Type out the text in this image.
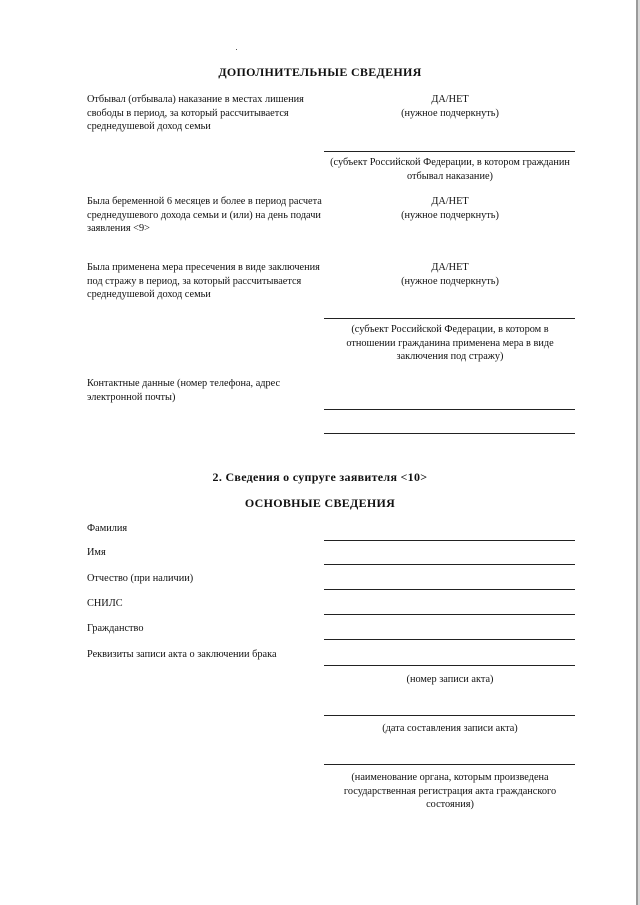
ДОПОЛНИТЕЛЬНЫЕ СВЕДЕНИЯ
Отбывал (отбывала) наказание в местах лишения свободы в период, за который рассчитывается среднедушевой доход семьи
ДА/НЕТ
(нужное подчеркнуть)
(субъект Российской Федерации, в котором гражданин отбывал наказание)
Была беременной 6 месяцев и более в период расчета среднедушевого дохода семьи и (или) на день подачи заявления <9>
ДА/НЕТ
(нужное подчеркнуть)
Была применена мера пресечения в виде заключения под стражу в период, за который рассчитывается среднедушевой доход семьи
ДА/НЕТ
(нужное подчеркнуть)
(субъект Российской Федерации, в котором в отношении гражданина применена мера в виде заключения под стражу)
Контактные данные (номер телефона, адрес электронной почты)
2. Сведения о супруге заявителя <10>
ОСНОВНЫЕ СВЕДЕНИЯ
Фамилия
Имя
Отчество (при наличии)
СНИЛС
Гражданство
Реквизиты записи акта о заключении брака
(номер записи акта)
(дата составления записи акта)
(наименование органа, которым произведена государственная регистрация акта гражданского состояния)
